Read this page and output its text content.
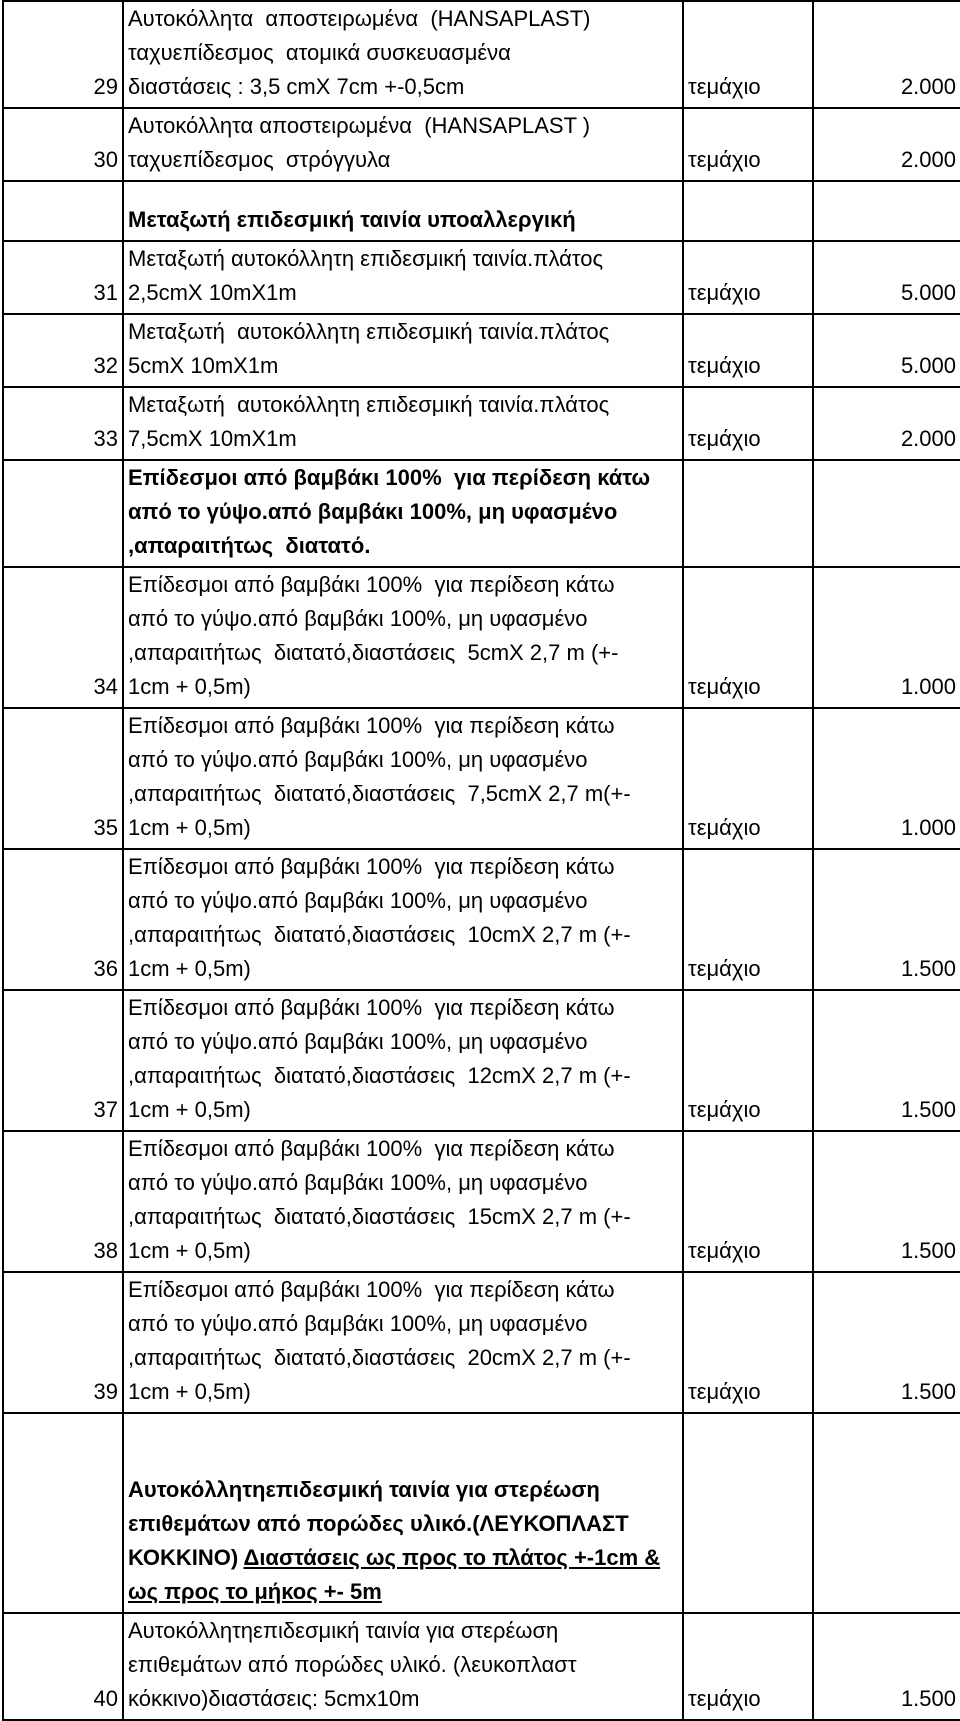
29	Αυτοκόλλητα  αποστειρωμένα  (HANSAPLAST)
ταχυεπίδεσμος  ατομικά συσκευασμένα
διαστάσεις : 3,5 cmX 7cm +-0,5cm	τεμάχιο	2.000
30	Αυτοκόλλητα αποστειρωμένα  (HANSAPLAST )
ταχυεπίδεσμος  στρόγγυλα	τεμάχιο	2.000

	Μεταξωτή επιδεσμική ταινία υποαλλεργική		

31	Μεταξωτή αυτοκόλλητη επιδεσμική ταινία.πλάτος
2,5cmX 10mX1m	τεμάχιο	5.000
32	Μεταξωτή  αυτοκόλλητη επιδεσμική ταινία.πλάτος
5cmX 10mX1m	τεμάχιο	5.000
33	Μεταξωτή  αυτοκόλλητη επιδεσμική ταινία.πλάτος
7,5cmX 10mX1m	τεμάχιο	2.000

	Επίδεσμοι από βαμβάκι 100%  για περίδεση κάτω
από το γύψο.από βαμβάκι 100%, μη υφασμένο
,απαραιτήτως  διατατό.		

34	Επίδεσμοι από βαμβάκι 100%  για περίδεση κάτω
από το γύψο.από βαμβάκι 100%, μη υφασμένο
,απαραιτήτως  διατατό,διαστάσεις  5cmX 2,7 m (+-
1cm + 0,5m)	τεμάχιο	1.000
35	Επίδεσμοι από βαμβάκι 100%  για περίδεση κάτω
από το γύψο.από βαμβάκι 100%, μη υφασμένο
,απαραιτήτως  διατατό,διαστάσεις  7,5cmX 2,7 m(+-
1cm + 0,5m)	τεμάχιο	1.000
36	Επίδεσμοι από βαμβάκι 100%  για περίδεση κάτω
από το γύψο.από βαμβάκι 100%, μη υφασμένο
,απαραιτήτως  διατατό,διαστάσεις  10cmX 2,7 m (+-
1cm + 0,5m)	τεμάχιο	1.500
37	Επίδεσμοι από βαμβάκι 100%  για περίδεση κάτω
από το γύψο.από βαμβάκι 100%, μη υφασμένο
,απαραιτήτως  διατατό,διαστάσεις  12cmX 2,7 m (+-
1cm + 0,5m)	τεμάχιο	1.500
38	Επίδεσμοι από βαμβάκι 100%  για περίδεση κάτω
από το γύψο.από βαμβάκι 100%, μη υφασμένο
,απαραιτήτως  διατατό,διαστάσεις  15cmX 2,7 m (+-
1cm + 0,5m)	τεμάχιο	1.500
39	Επίδεσμοι από βαμβάκι 100%  για περίδεση κάτω
από το γύψο.από βαμβάκι 100%, μη υφασμένο
,απαραιτήτως  διατατό,διαστάσεις  20cmX 2,7 m (+-
1cm + 0,5m)	τεμάχιο	1.500

	Αυτοκόλλητηεπιδεσμική ταινία για στερέωση
επιθεμάτων από πορώδες υλικό.(ΛΕΥΚΟΠΛΑΣΤ
ΚΟΚΚΙΝΟ) Διαστάσεις ως προς το πλάτος +-1cm &
ως προς το μήκος +- 5m		

40	Αυτοκόλλητηεπιδεσμική ταινία για στερέωση
επιθεμάτων από πορώδες υλικό. (λευκοπλαστ
κόκκινο)διαστάσεις: 5cmx10m	τεμάχιο	1.500
